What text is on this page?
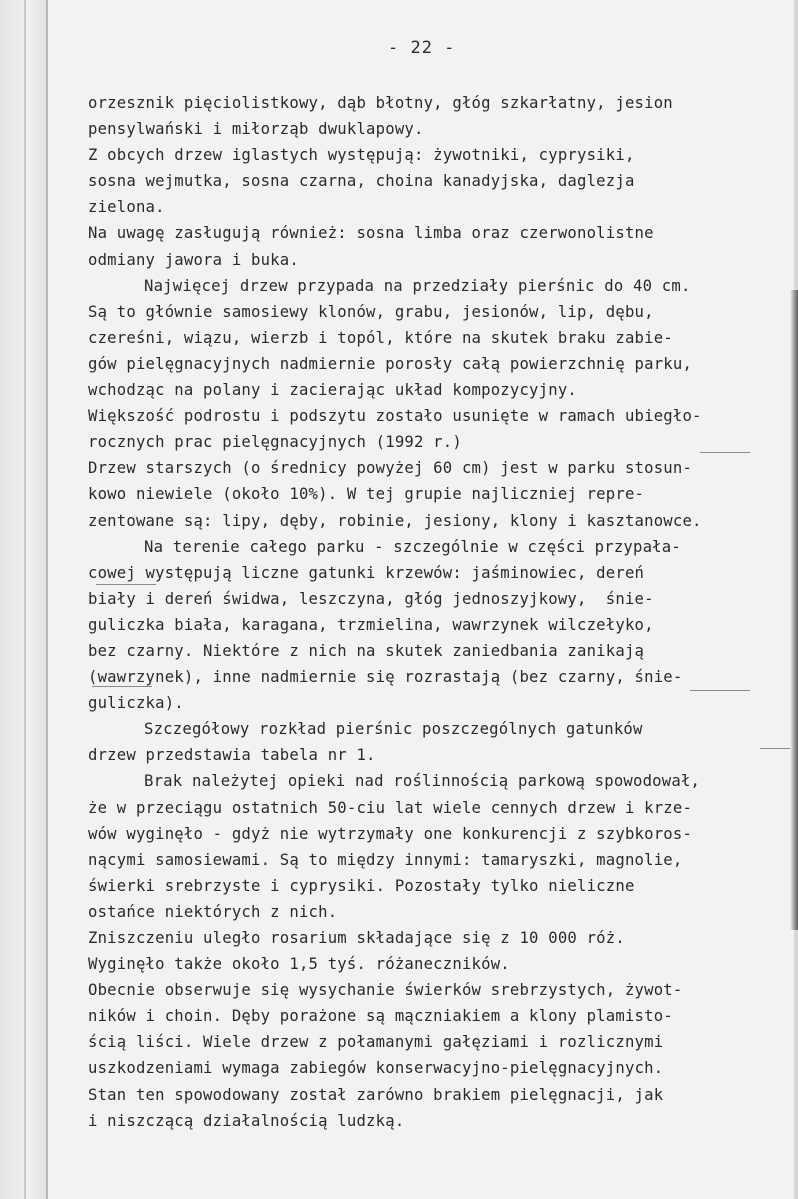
- 22 -
orzesznik pięciolistkowy, dąb błotny, głóg szkarłatny, jesion
pensylwański i miłorząb dwuklapowy.
Z obcych drzew iglastych występują: żywotniki, cyprysiki,
sosna wejmutka, sosna czarna, choina kanadyjska, daglezja
zielona.
Na uwagę zasługują również: sosna limba oraz czerwonolistne
odmiany jawora i buka.
Najwięcej drzew przypada na przedziały pierśnic do 40 cm.
Są to głównie samosiewy klonów, grabu, jesionów, lip, dębu,
czereśni, wiązu, wierzb i topól, które na skutek braku zabie-
gów pielęgnacyjnych nadmiernie porosły całą powierzchnię parku,
wchodząc na polany i zacierając układ kompozycyjny.
Większość podrostu i podszytu zostało usunięte w ramach ubiegło-
rocznych prac pielęgnacyjnych (1992 r.)
Drzew starszych (o średnicy powyżej 60 cm) jest w parku stosun-
kowo niewiele (około 10%). W tej grupie najliczniej repre-
zentowane są: lipy, dęby, robinie, jesiony, klony i kasztanowce.
Na terenie całego parku - szczególnie w części przypała-
cowej występują liczne gatunki krzewów: jaśminowiec, dereń
biały i dereń świdwa, leszczyna, głóg jednoszyjkowy,  śnie-
guliczka biała, karagana, trzmielina, wawrzynek wilczełyko,
bez czarny. Niektóre z nich na skutek zaniedbania zanikają
(wawrzynek), inne nadmiernie się rozrastają (bez czarny, śnie-
guliczka).
Szczegółowy rozkład pierśnic poszczególnych gatunków
drzew przedstawia tabela nr 1.
Brak należytej opieki nad roślinnością parkową spowodował,
że w przeciągu ostatnich 50-ciu lat wiele cennych drzew i krze-
wów wyginęło - gdyż nie wytrzymały one konkurencji z szybkoros-
nącymi samosiewami. Są to między innymi: tamaryszki, magnolie,
świerki srebrzyste i cyprysiki. Pozostały tylko nieliczne
ostańce niektórych z nich.
Zniszczeniu uległo rosarium składające się z 10 000 róż.
Wyginęło także około 1,5 tyś. różaneczników.
Obecnie obserwuje się wysychanie świerków srebrzystych, żywot-
ników i choin. Dęby porażone są mączniakiem a klony plamisto-
ścią liści. Wiele drzew z połamanymi gałęziami i rozlicznymi
uszkodzeniami wymaga zabiegów konserwacyjno-pielęgnacyjnych.
Stan ten spowodowany został zarówno brakiem pielęgnacji, jak
i niszczącą działalnością ludzką.
